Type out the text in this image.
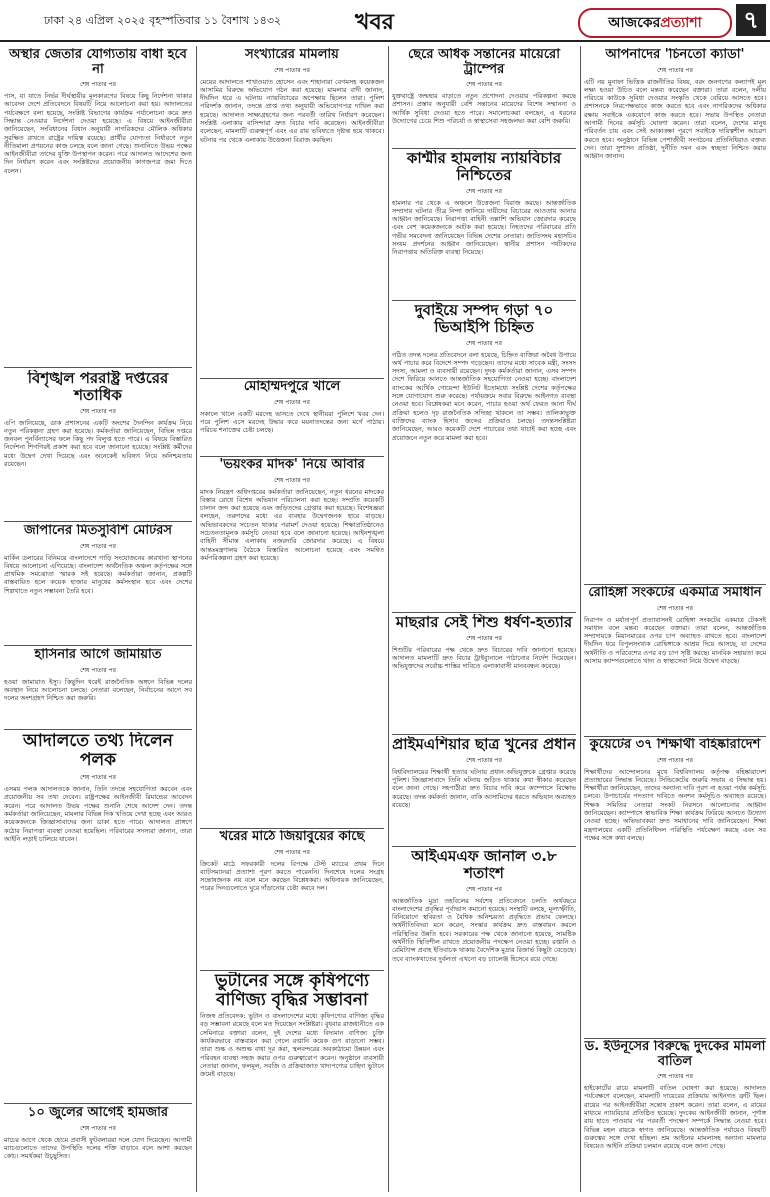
ঢাকা ২৪ এপ্রিল ২০২৫ বৃহস্পতিবার ১১ বৈশাখ ১৪৩২	খবর	আজকেরপ্রত্যাশা	৭
অস্থার জেতার যোগ্যতায় বাধা হবে না
শেষ পাতার পর

পাস, যা যাতে নির্ভর দীর্ঘস্থায়ীর মূলকারণের বিষয়ে কিছু নির্দেশনা থাকার আবেদন দেশে প্রতিবেদনে বিষয়টি নিয়ে আলোচনা করা হয়। আদালতের পর্যবেক্ষণে বলা হয়েছে, সংশ্লিষ্ট বিভাগের কার্যক্রম পর্যালোচনা করে দ্রুত সিদ্ধান্ত নেওয়ার নির্দেশনা দেওয়া হয়েছে। এ বিষয়ে আইনজীবীরা জানিয়েছেন, সংবিধানের বিধান অনুযায়ী নাগরিকদের মৌলিক অধিকার সুরক্ষিত রাখতে রাষ্ট্রের দায়িত্ব রয়েছে। প্রার্থীর যোগ্যতা নির্ধারণে নতুন নীতিমালা প্রণয়নের কাজ চলছে বলে জানা গেছে। শুনানিতে উভয় পক্ষের আইনজীবীরা তাদের যুক্তি উপস্থাপন করেন। পরে আদালত আদেশের জন্য দিন নির্ধারণ করেন এবং সংশ্লিষ্টদের প্রয়োজনীয় কাগজপত্র জমা দিতে বলেন।

বিশৃঙ্খল পররাষ্ট্র দপ্তরের শতাধিক
শেষ পাতার পর

এপি জানিয়েছে, ডাক প্রশাসনের একটি অংশের দৈনন্দিন কার্যক্রম নিয়ে নতুন পরিকল্পনা গ্রহণ করা হয়েছে। কর্মকর্তারা জানিয়েছেন, বিভিন্ন দপ্তরে জনবল পুনর্বিন্যাসের ফলে কিছু পদ বিলুপ্ত হতে পারে। এ বিষয়ে বিস্তারিত নির্দেশনা শিগগিরই প্রকাশ করা হবে বলে জানানো হয়েছে। সংশ্লিষ্ট কর্মীদের মধ্যে উদ্বেগ দেখা দিয়েছে এবং অনেকেই ভবিষ্যৎ নিয়ে অনিশ্চয়তায় রয়েছেন।

জাপানের মিতসুবিশি মোটরস
শেষ পাতার পর

মার্কিন ডলারের বিনিময়ে বাংলাদেশে গাড়ি সংযোজনের কারখানা স্থাপনের বিষয়ে আলোচনা এগিয়েছে। বাংলাদেশ অর্থনৈতিক অঞ্চল কর্তৃপক্ষের সঙ্গে প্রাথমিক সমঝোতা স্মারক সই হয়েছে। কর্মকর্তারা জানান, প্রকল্পটি বাস্তবায়িত হলে কয়েক হাজার মানুষের কর্মসংস্থান হবে এবং দেশের শিল্পখাতে নতুন সম্ভাবনা তৈরি হবে।

হাসিনার আগে জামায়াত
শেষ পাতার পর

হওয়া জামায়াত ইস্যু। কিছুদিন ধরেই রাজনৈতিক অঙ্গনে বিভিন্ন দলের অবস্থান নিয়ে আলোচনা চলছে। নেতারা বলেছেন, নির্বাচনের আগে সব দলের অংশগ্রহণ নিশ্চিত করা জরুরি।

আদালতে তথ্য দিলেন পলক
শেষ পাতার পর

এসময় পলক আদালতকে জানান, তিনি তদন্তে সহযোগিতা করবেন এবং প্রয়োজনীয় সব তথ্য দেবেন। রাষ্ট্রপক্ষের আইনজীবী রিমান্ডের আবেদন করেন। পরে আদালত উভয় পক্ষের শুনানি শেষে আদেশ দেন। তদন্ত কর্মকর্তারা জানিয়েছেন, মামলার বিভিন্ন দিক খতিয়ে দেখা হচ্ছে এবং আরও কয়েকজনকে জিজ্ঞাসাবাদের জন্য ডাকা হতে পারে। আদালত প্রাঙ্গণে কঠোর নিরাপত্তা ব্যবস্থা নেওয়া হয়েছিল। পরিবারের সদস্যরা জানান, তারা আইনি লড়াই চালিয়ে যাবেন।

১০ জুলের আগেই হামজার
শেষ পাতার পর

মাচের আগে থেকে হোমে প্রবাসী ফুটবলাররা দলে যোগ দিয়েছেন। আগামী ম্যাচগুলোতে তাদের উপস্থিতি দলের শক্তি বাড়াবে বলে আশা করছেন কোচ। সমর্থকরা উচ্ছ্বসিত।

সংখ্যারের মামলায়
শেষ পাতার পর

মেয়ের আদালতে শাখাওয়াত হোসেন এবং শাহানারা বেগমসহ কয়েকজন আসামির বিরুদ্ধে অভিযোগ গঠন করা হয়েছে। মামলার বাদী জানান, দীর্ঘদিন ধরে এ ঘটনায় ন্যায়বিচারের অপেক্ষায় ছিলেন তারা। পুলিশ পরিদর্শক জানান, তদন্তে প্রাপ্ত তথ্য অনুযায়ী অভিযোগপত্র দাখিল করা হয়েছে। আদালত সাক্ষ্যগ্রহণের জন্য পরবর্তী তারিখ নির্ধারণ করেছেন। সংশ্লিষ্ট এলাকার বাসিন্দারা দ্রুত বিচার দাবি করেছেন। আইনজীবীরা বলেছেন, মামলাটি গুরুত্বপূর্ণ এবং এর রায় ভবিষ্যতে দৃষ্টান্ত হয়ে থাকবে। ঘটনার পর থেকে এলাকায় উত্তেজনা বিরাজ করছিল।

মোহাম্মদপুরে খালে
শেষ পাতার পর

সকালে খালে একটি মরদেহ ভাসতে দেখে স্থানীয়রা পুলিশে খবর দেন। পরে পুলিশ এসে মরদেহ উদ্ধার করে ময়নাতদন্তের জন্য মর্গে পাঠায়। পরিচয় শনাক্তের চেষ্টা চলছে।

'ভয়ংকর মাদক' নিয়ে আবার
শেষ পাতার পর

মাদক নিয়ন্ত্রণ অধিদপ্তরের কর্মকর্তারা জানিয়েছেন, নতুন ধরনের মাদকের বিস্তার রোধে বিশেষ অভিযান পরিচালনা করা হচ্ছে। সম্প্রতি কয়েকটি চালান জব্দ করা হয়েছে এবং জড়িতদের গ্রেপ্তার করা হয়েছে। বিশেষজ্ঞরা বলছেন, তরুণদের মধ্যে এর ব্যবহার উদ্বেগজনক হারে বাড়ছে। অভিভাবকদের সচেতন থাকার পরামর্শ দেওয়া হয়েছে। শিক্ষাপ্রতিষ্ঠানেও সচেতনতামূলক কর্মসূচি নেওয়া হবে বলে জানানো হয়েছে। আইনশৃঙ্খলা বাহিনী সীমান্ত এলাকায় নজরদারি জোরদার করেছে। এ বিষয়ে আন্তঃমন্ত্রণালয় বৈঠকে বিস্তারিত আলোচনা হয়েছে এবং সমন্বিত কর্মপরিকল্পনা গ্রহণ করা হয়েছে।

খরের মাঠে জিয়াবুয়ের কাছে
শেষ পাতার পর

ক্রিকেট মাঠে সফরকারী দলের বিপক্ষে টেস্ট ম্যাচের প্রথম দিনে ব্যাটসম্যানরা প্রত্যাশা পূরণ করতে পারেননি। দিনশেষে দলের সংগ্রহ সন্তোষজনক নয় বলে মনে করছেন বিশ্লেষকরা। অধিনায়ক জানিয়েছেন, পরের দিনগুলোতে ঘুরে দাঁড়ানোর চেষ্টা করবে দল।

ভুটানের সঙ্গে কৃষিপণ্যে বাণিজ্য বৃদ্ধির সম্ভাবনা

নিজস্ব প্রতিবেদক: ভুটান ও বাংলাদেশের মধ্যে কৃষিপণ্যের বাণিজ্য বৃদ্ধির বড় সম্ভাবনা রয়েছে বলে মত দিয়েছেন সংশ্লিষ্টরা। বুধবার রাজধানীতে এক সেমিনারে বক্তারা বলেন, দুই দেশের মধ্যে বিদ্যমান বাণিজ্য চুক্তি কার্যকরভাবে বাস্তবায়ন করা গেলে রপ্তানি কয়েক গুণ বাড়ানো সম্ভব। তারা শুল্ক ও অশুল্ক বাধা দূর করা, স্থলবন্দরের অবকাঠামো উন্নয়ন এবং পরিবহন ব্যবস্থা সহজ করার ওপর গুরুত্বারোপ করেন। অনুষ্ঠানে ব্যবসায়ী নেতারা জানান, ফলমূল, সবজি ও প্রক্রিয়াজাত খাদ্যপণ্যের চাহিদা ভুটানে ক্রমেই বাড়ছে।

ছেরে অধিক সন্তানের মায়েরো ট্রাম্পের
শেষ পাতার পর

যুক্তরাষ্ট্রে জন্মহার বাড়াতে নতুন প্রণোদনা দেওয়ার পরিকল্পনা করছে প্রশাসন। প্রস্তাব অনুযায়ী বেশি সন্তানের মায়েদের বিশেষ সম্মাননা ও আর্থিক সুবিধা দেওয়া হতে পারে। সমালোচকরা বলছেন, এ ধরনের উদ্যোগের চেয়ে শিশু পরিচর্যা ও স্বাস্থ্যসেবা সহজলভ্য করা বেশি জরুরি।

কাশ্মীর হামলায় ন্যায়বিচার নিশ্চিতের
শেষ পাতার পর

হামলার পর থেকে এ অঞ্চলে উত্তেজনা বিরাজ করছে। আন্তর্জাতিক সম্প্রদায় ঘটনার তীব্র নিন্দা জানিয়ে দায়ীদের বিচারের আওতায় আনার আহ্বান জানিয়েছে। নিরাপত্তা বাহিনী তল্লাশি অভিযান জোরদার করেছে এবং বেশ কয়েকজনকে আটক করা হয়েছে। নিহতদের পরিবারের প্রতি গভীর সমবেদনা জানিয়েছেন বিভিন্ন দেশের নেতারা। জাতিসংঘ মহাসচিব সংযম প্রদর্শনের আহ্বান জানিয়েছেন। স্থানীয় প্রশাসন পর্যটকদের নিরাপত্তায় অতিরিক্ত ব্যবস্থা নিয়েছে।

দুবাইয়ে সম্পদ গড়া ৭০ ভিআইপি চিহ্নিত
শেষ পাতার পর

গঠিত তদন্ত দলের প্রতিবেদনে বলা হয়েছে, চিহ্নিত ব্যক্তিরা অবৈধ উপায়ে অর্থ পাচার করে বিদেশে সম্পদ গড়েছেন। তাদের মধ্যে সাবেক মন্ত্রী, সংসদ সদস্য, আমলা ও ব্যবসায়ী রয়েছেন। দুদক কর্মকর্তারা জানান, এসব সম্পদ দেশে ফিরিয়ে আনতে আন্তর্জাতিক সহযোগিতা নেওয়া হচ্ছে। বাংলাদেশ ব্যাংকের আর্থিক গোয়েন্দা ইউনিট ইতোমধ্যে সংশ্লিষ্ট দেশের কর্তৃপক্ষের সঙ্গে যোগাযোগ শুরু করেছে। পর্যায়ক্রমে সবার বিরুদ্ধে আইনগত ব্যবস্থা নেওয়া হবে। বিশ্লেষকরা মনে করেন, পাচার হওয়া অর্থ ফেরত আনা দীর্ঘ প্রক্রিয়া হলেও দৃঢ় রাজনৈতিক সদিচ্ছা থাকলে তা সম্ভব। তালিকাভুক্ত ব্যক্তিদের ব্যাংক হিসাব জব্দের প্রক্রিয়াও চলছে। তদন্তসংশ্লিষ্টরা জানিয়েছেন, আরও কয়েকটি দেশে পাচারের তথ্য যাচাই করা হচ্ছে এবং প্রয়োজনে নতুন করে মামলা করা হবে।

মাছরার সেই শিশু ধর্ষণ-হত্যার
শেষ পাতার পর

শিশুটির পরিবারের পক্ষ থেকে দ্রুত বিচারের দাবি জানানো হয়েছে। আদালত মামলাটি দ্রুত বিচার ট্রাইব্যুনালে পাঠানোর নির্দেশ দিয়েছেন। অভিযুক্তদের সর্বোচ্চ শাস্তির দাবিতে এলাকাবাসী মানববন্ধন করেছে।

প্রাইমএশিয়ার ছাত্র খুনের প্রধান
শেষ পাতার পর

বিশ্ববিদ্যালয়ের শিক্ষার্থী হত্যার ঘটনায় প্রধান অভিযুক্তকে গ্রেপ্তার করেছে পুলিশ। জিজ্ঞাসাবাদে তিনি ঘটনায় জড়িত থাকার কথা স্বীকার করেছেন বলে জানা গেছে। সহপাঠীরা দ্রুত বিচার দাবি করে ক্যাম্পাসে বিক্ষোভ করেছে। তদন্ত কর্মকর্তা জানান, বাকি আসামিদের ধরতে অভিযান অব্যাহত রয়েছে।

আইএমএফ জানাল ৩.৮ শতাংশ
শেষ পাতার পর

আন্তর্জাতিক মুদ্রা তহবিলের সর্বশেষ প্রতিবেদনে চলতি অর্থবছরে বাংলাদেশের প্রবৃদ্ধির পূর্বাভাস কমানো হয়েছে। সংস্থাটি বলছে, মূল্যস্ফীতি, বিনিয়োগে স্থবিরতা ও বৈশ্বিক অনিশ্চয়তা প্রবৃদ্ধিতে প্রভাব ফেলছে। অর্থনীতিবিদরা মনে করেন, সংস্কার কার্যক্রম দ্রুত বাস্তবায়ন করলে পরিস্থিতির উন্নতি হবে। সরকারের পক্ষ থেকে জানানো হয়েছে, সামষ্টিক অর্থনীতি স্থিতিশীল রাখতে প্রয়োজনীয় পদক্ষেপ নেওয়া হচ্ছে। রপ্তানি ও রেমিট্যান্স প্রবাহ ইতিবাচক থাকায় বৈদেশিক মুদ্রার রিজার্ভ কিছুটা বেড়েছে। তবে ব্যাংকখাতের দুর্বলতা এখনো বড় চ্যালেঞ্জ হিসেবে রয়ে গেছে।

আপনাদের 'চিনতো ক্যাডা'
শেষ পাতার পর

এটি নয় মুনাফা ভিত্তিক রাজনীতির বিষয়, বরং জনগণের কল্যাণই মূল লক্ষ্য হওয়া উচিত বলে মন্তব্য করেছেন বক্তারা। তারা বলেন, দলীয় পরিচয়ে কাউকে সুবিধা দেওয়ার সংস্কৃতি থেকে বেরিয়ে আসতে হবে। প্রশাসনকে নিরপেক্ষভাবে কাজ করতে হবে এবং নাগরিকদের অধিকার রক্ষায় সবাইকে একযোগে কাজ করতে হবে। সভায় উপস্থিত নেতারা আগামী দিনের কর্মসূচি ঘোষণা করেন। তারা বলেন, দেশের মানুষ পরিবর্তন চায় এবং সেই আকাঙ্ক্ষা পূরণে সবাইকে দায়িত্বশীল আচরণ করতে হবে। অনুষ্ঠানে বিভিন্ন পেশাজীবী সংগঠনের প্রতিনিধিরাও বক্তব্য দেন। তারা সুশাসন প্রতিষ্ঠা, দুর্নীতি দমন এবং স্বচ্ছতা নিশ্চিত করার আহ্বান জানান।

রোহিঙ্গা সংকটের একমাত্র সমাধান
শেষ পাতার পর

নিরাপদ ও মর্যাদাপূর্ণ প্রত্যাবাসনই রোহিঙ্গা সংকটের একমাত্র টেকসই সমাধান বলে মন্তব্য করেছেন বক্তারা। তারা বলেন, আন্তর্জাতিক সম্প্রদায়কে মিয়ানমারের ওপর চাপ অব্যাহত রাখতে হবে। বাংলাদেশ দীর্ঘদিন ধরে বিপুলসংখ্যক রোহিঙ্গাকে আশ্রয় দিয়ে আসছে, যা দেশের অর্থনীতি ও পরিবেশের ওপর বড় চাপ সৃষ্টি করছে। মানবিক সহায়তা কমে আসায় ক্যাম্পগুলোতে খাদ্য ও স্বাস্থ্যসেবা নিয়ে উদ্বেগ বাড়ছে।

কুয়েটের ৩৭ শিক্ষার্থী বহিষ্কারাদেশ
শেষ পাতার পর

শিক্ষার্থীদের আন্দোলনের মুখে বিশ্ববিদ্যালয় কর্তৃপক্ষ বহিষ্কারাদেশ প্রত্যাহারের সিদ্ধান্ত নিয়েছে। সিন্ডিকেটের জরুরি সভায় এ সিদ্ধান্ত হয়। শিক্ষার্থীরা জানিয়েছেন, তাদের অন্যান্য দাবি পূরণ না হওয়া পর্যন্ত কর্মসূচি চলবে। উপাচার্যের পদত্যাগ দাবিতে অনশন কর্মসূচিও অব্যাহত রয়েছে। শিক্ষক সমিতির নেতারা সংকট নিরসনে আলোচনার আহ্বান জানিয়েছেন। ক্যাম্পাসে স্বাভাবিক শিক্ষা কার্যক্রম ফিরিয়ে আনতে উদ্যোগ নেওয়া হচ্ছে। অভিভাবকরা দ্রুত সমাধানের দাবি জানিয়েছেন। শিক্ষা মন্ত্রণালয়ের একটি প্রতিনিধিদল পরিস্থিতি পর্যবেক্ষণ করছে এবং সব পক্ষের সঙ্গে কথা বলছে।

ড. ইউনূসের বিরুদ্ধে দুদকের মামলা বাতিল
শেষ পাতার পর

হাইকোর্টের রায়ে মামলাটি বাতিল ঘোষণা করা হয়েছে। আদালত পর্যবেক্ষণে বলেছেন, মামলাটি দায়েরের প্রক্রিয়ায় আইনগত ত্রুটি ছিল। রায়ের পর আইনজীবীরা সন্তোষ প্রকাশ করেন। তারা বলেন, এ রায়ের মাধ্যমে ন্যায়বিচার প্রতিষ্ঠিত হয়েছে। দুদকের আইনজীবী জানান, পূর্ণাঙ্গ রায় হাতে পাওয়ার পর পরবর্তী পদক্ষেপ সম্পর্কে সিদ্ধান্ত নেওয়া হবে। বিভিন্ন মহল রায়কে স্বাগত জানিয়েছে। আন্তর্জাতিক পর্যায়েও বিষয়টি গুরুত্বের সঙ্গে দেখা হচ্ছিল। শ্রম আইনের মামলাসহ অন্যান্য মামলার বিষয়েও আইনি প্রক্রিয়া চলমান রয়েছে বলে জানা গেছে।
